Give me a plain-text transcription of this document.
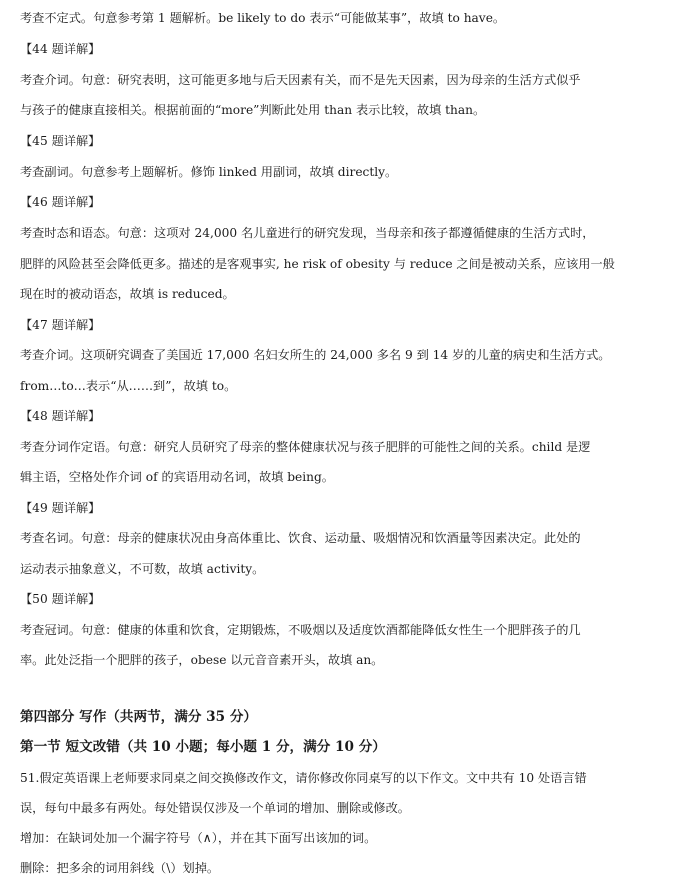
考查不定式。句意参考第 1 题解析。be likely to do 表示“可能做某事”，故填 to have。
【44 题详解】
考查介词。句意：研究表明，这可能更多地与后天因素有关，而不是先天因素，因为母亲的生活方式似乎
与孩子的健康直接相关。根据前面的“more”判断此处用 than 表示比较，故填 than。
【45 题详解】
考查副词。句意参考上题解析。修饰 linked 用副词，故填 directly。
【46 题详解】
考查时态和语态。句意：这项对 24,000 名儿童进行的研究发现，当母亲和孩子都遵循健康的生活方式时，
肥胖的风险甚至会降低更多。描述的是客观事实, he risk of obesity 与 reduce 之间是被动关系，应该用一般
现在时的被动语态，故填 is reduced。
【47 题详解】
考查介词。这项研究调查了美国近 17,000 名妇女所生的 24,000 多名 9 到 14 岁的儿童的病史和生活方式。
from…to…表示“从……到”，故填 to。
【48 题详解】
考查分词作定语。句意：研究人员研究了母亲的整体健康状况与孩子肥胖的可能性之间的关系。child 是逻
辑主语，空格处作介词 of 的宾语用动名词，故填 being。
【49 题详解】
考查名词。句意：母亲的健康状况由身高体重比、饮食、运动量、吸烟情况和饮酒量等因素决定。此处的
运动表示抽象意义，不可数，故填 activity。
【50 题详解】
考查冠词。句意：健康的体重和饮食，定期锻炼，不吸烟以及适度饮酒都能降低女性生一个肥胖孩子的几
率。此处泛指一个肥胖的孩子，obese 以元音音素开头，故填 an。
第四部分 写作（共两节，满分 35 分）
第一节 短文改错（共 10 小题；每小题 1 分，满分 10 分）
51.假定英语课上老师要求同桌之间交换修改作文，请你修改你同桌写的以下作文。文中共有 10 处语言错
误，每句中最多有两处。每处错误仅涉及一个单词的增加、删除或修改。
增加：在缺词处加一个漏字符号（∧），并在其下面写出该加的词。
删除：把多余的词用斜线（\）划掉。
